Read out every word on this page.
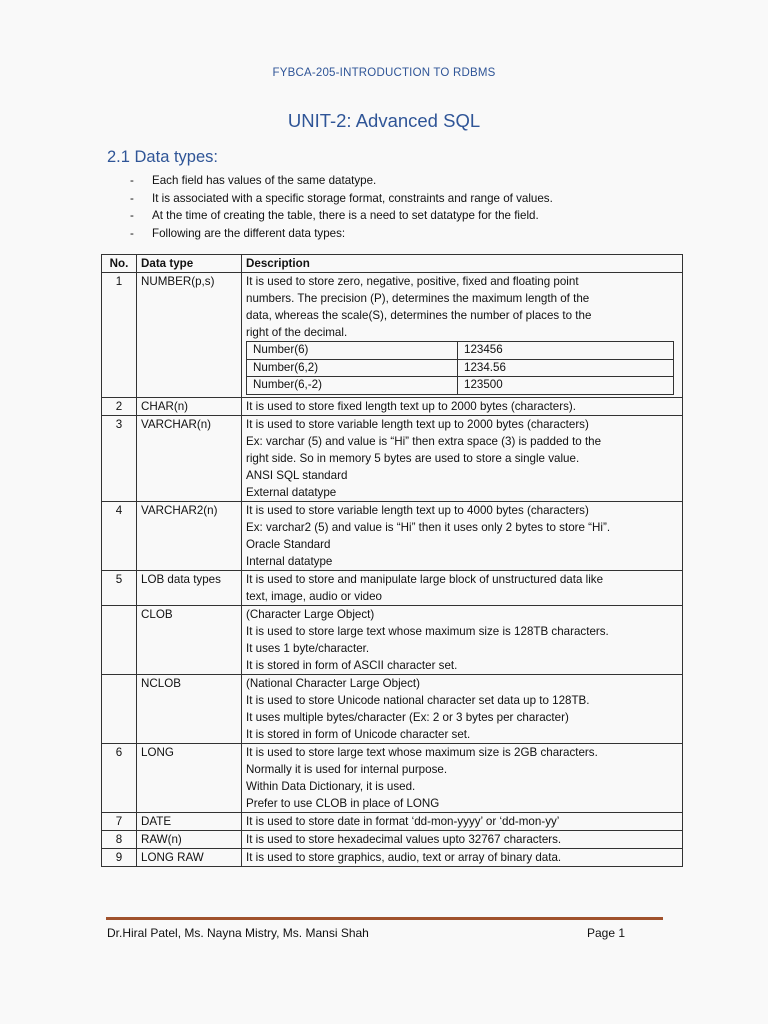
FYBCA-205-INTRODUCTION TO RDBMS
UNIT-2: Advanced SQL
2.1 Data types:
- Each field has values of the same datatype.
- It is associated with a specific storage format, constraints and range of values.
- At the time of creating the table, there is a need to set datatype for the field.
- Following are the different data types:
No.	Data type	Description
1	NUMBER(p,s)	It is used to store zero, negative, positive, fixed and floating point
numbers. The precision (P), determines the maximum length of the
data, whereas the scale(S), determines the number of places to the
right of the decimal.
Number(6)	123456
Number(6,2)	1234.56
Number(6,-2)	123500

2	CHAR(n)	It is used to store fixed length text up to 2000 bytes (characters).

3	VARCHAR(n)	It is used to store variable length text up to 2000 bytes (characters)
Ex: varchar (5) and value is “Hi” then extra space (3) is padded to the
right side. So in memory 5 bytes are used to store a single value.
ANSI SQL standard
External datatype

4	VARCHAR2(n)	It is used to store variable length text up to 4000 bytes (characters)
Ex: varchar2 (5) and value is “Hi” then it uses only 2 bytes to store “Hi”.
Oracle Standard
Internal datatype

5	LOB data types	It is used to store and manipulate large block of unstructured data like
text, image, audio or video

	CLOB	(Character Large Object)
It is used to store large text whose maximum size is 128TB characters.
It uses 1 byte/character.
It is stored in form of ASCII character set.

	NCLOB	(National Character Large Object)
It is used to store Unicode national character set data up to 128TB.
It uses multiple bytes/character (Ex: 2 or 3 bytes per character)
It is stored in form of Unicode character set.

6	LONG	It is used to store large text whose maximum size is 2GB characters.
Normally it is used for internal purpose.
Within Data Dictionary, it is used.
Prefer to use CLOB in place of LONG

7	DATE	It is used to store date in format ‘dd-mon-yyyy’ or ‘dd-mon-yy’

8	RAW(n)	It is used to store hexadecimal values upto 32767 characters.

9	LONG RAW	It is used to store graphics, audio, text or array of binary data.
Dr.Hiral Patel, Ms. Nayna Mistry, Ms. Mansi Shah	Page 1
